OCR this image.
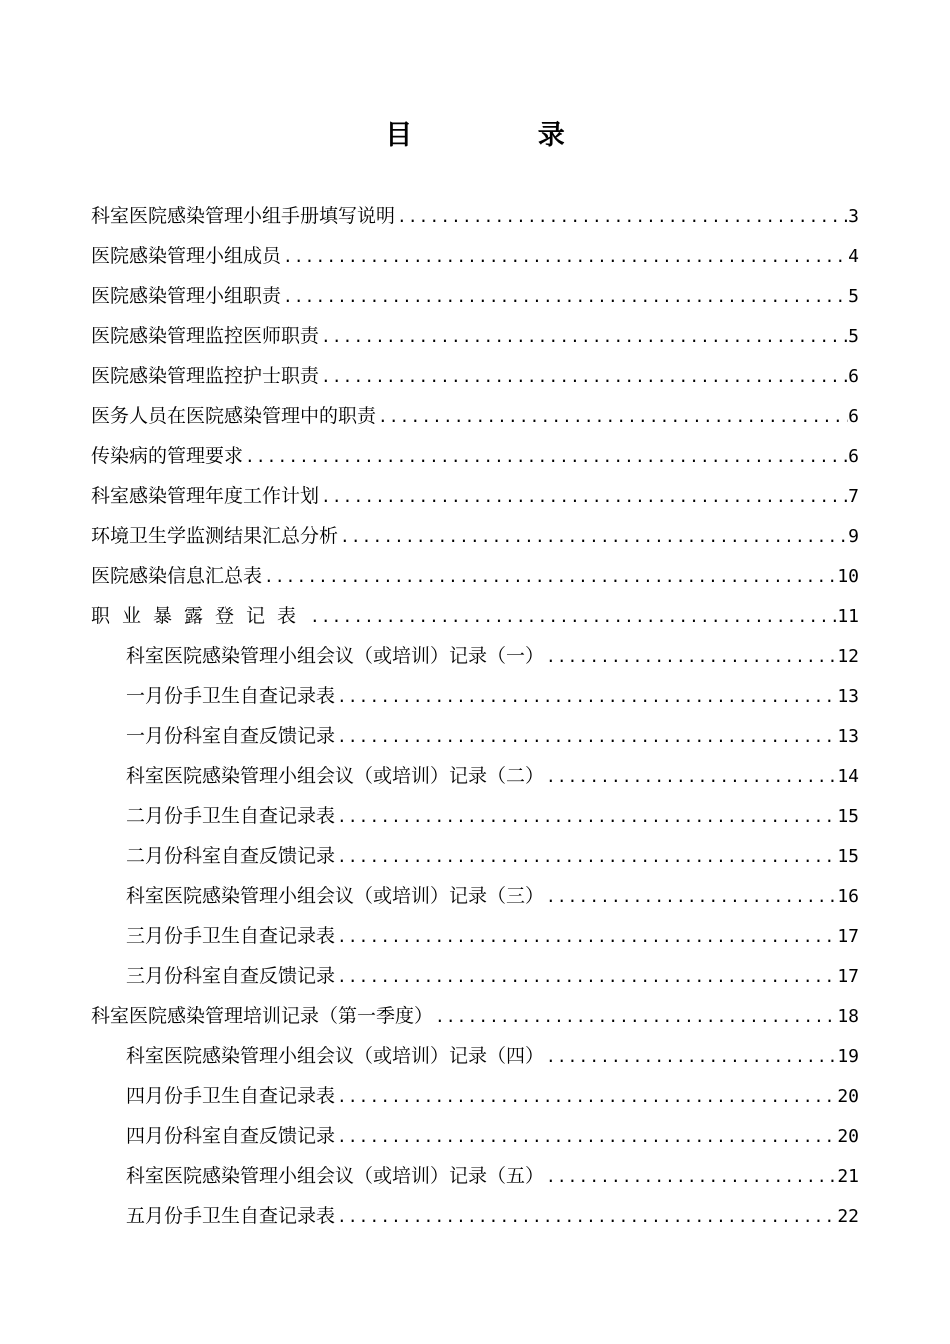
目 录
科室医院感染管理小组手册填写说明 .....	3
医院感染管理小组成员 .....	4
医院感染管理小组职责 .....	5
医院感染管理监控医师职责 .....	5
医院感染管理监控护士职责 .....	6
医务人员在医院感染管理中的职责 .....	6
传染病的管理要求 .....	6
科室感染管理年度工作计划 .....	7
环境卫生学监测结果汇总分析 .....	9
医院感染信息汇总表 .....	10
职业暴露登记表 .....	11
科室医院感染管理小组会议（或培训）记录（一） .....	12
一月份手卫生自查记录表 .....	13
一月份科室自查反馈记录 .....	13
科室医院感染管理小组会议（或培训）记录（二） .....	14
二月份手卫生自查记录表 .....	15
二月份科室自查反馈记录 .....	15
科室医院感染管理小组会议（或培训）记录（三） .....	16
三月份手卫生自查记录表 .....	17
三月份科室自查反馈记录 .....	17
科室医院感染管理培训记录（第一季度） .....	18
科室医院感染管理小组会议（或培训）记录（四） .....	19
四月份手卫生自查记录表 .....	20
四月份科室自查反馈记录 .....	20
科室医院感染管理小组会议（或培训）记录（五） .....	21
五月份手卫生自查记录表 .....	22
